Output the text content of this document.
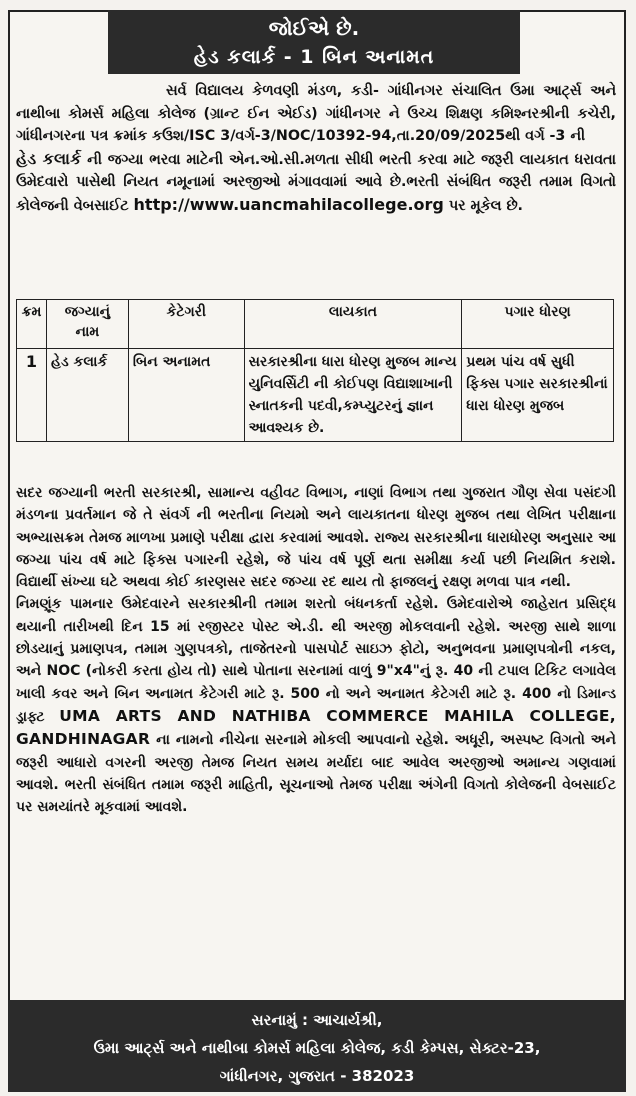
જોઈએ છે.
હેડ કલાર્ક - 1 બિન અનામત
સર્વ વિદ્યાલય કેળવણી મંડળ, કડી- ગાંધીનગર સંચાલિત ઉમા આર્ટ્સ અને નાથીબા કોમર્સ મહિલા કોલેજ (ગ્રાન્ટ ઈન એઈડ) ગાંધીનગર ને ઉચ્ચ શિક્ષણ કમિશ્નરશ્રીની કચેરી, ગાંધીનગરના પત્ર ક્રમાંક કઉશ/ISC 3/વર્ગ-3/NOC/10392-94,તા.20/09/2025થી વર્ગ -3 ની
હેડ કલાર્ક ની જગ્યા ભરવા માટેની એન.ઓ.સી.મળતા સીધી ભરતી કરવા માટે જરૂરી લાયકાત ધરાવતા ઉમેદવારો પાસેથી નિયત નમૂનામાં અરજીઓ મંગાવવામાં આવે છે.ભરતી સંબંધિત જરૂરી તમામ વિગતો કોલેજની વેબસાઈટ http://www.uancmahilacollege.org પર મૂકેલ છે.
ક્રમ	જગ્યાનું નામ	કેટેગરી	લાયકાત	પગાર ધોરણ
1	હેડ કલાર્ક	બિન અનામત	સરકારશ્રીના ધારા ધોરણ મુજબ માન્ય યુનિવર્સિટી ની કોઈપણ વિદ્યાશાખાની સ્નાતકની પદવી,કમ્પ્યુટરનું જ્ઞાન આવશ્યક છે.	પ્રથમ પાંચ વર્ષ સુધી ફિક્સ પગાર સરકારશ્રીનાં ધારા ધોરણ મુજબ

સદર જગ્યાની ભરતી સરકારશ્રી, સામાન્ય વહીવટ વિભાગ, નાણાં વિભાગ તથા ગુજરાત ગૌણ સેવા પસંદગી મંડળના પ્રવર્તમાન જે તે સંવર્ગ ની ભરતીના નિયમો અને લાયકાતના ધોરણ મુજબ તથા લેખિત પરીક્ષાના અભ્યાસક્રમ તેમજ માળખા પ્રમાણે પરીક્ષા દ્વારા કરવામાં આવશે. રાજ્ય સરકારશ્રીના ધારાધોરણ અનુસાર આ જગ્યા પાંચ વર્ષ માટે ફિક્સ પગારની રહેશે, જે પાંચ વર્ષ પૂર્ણ થતા સમીક્ષા કર્યા પછી નિયમિત કરાશે. વિદ્યાર્થી સંખ્યા ઘટે અથવા કોઈ કારણસર સદર જગ્યા રદ થાય તો ફાજલનું રક્ષણ મળવા પાત્ર નથી.

નિમણૂંક પામનાર ઉમેદવારને સરકારશ્રીની તમામ શરતો બંધનકર્તા રહેશે. ઉમેદવારોએ જાહેરાત પ્રસિદ્ધ થયાની તારીખથી દિન 15 માં રજીસ્ટર પોસ્ટ એ.ડી. થી અરજી મોકલવાની રહેશે. અરજી સાથે શાળા છોડયાનું પ્રમાણપત્ર, તમામ ગુણપત્રકો, તાજેતરનો પાસપોર્ટ સાઇઝ ફોટો, અનુભવના પ્રમાણપત્રોની નકલ, અને NOC (નોકરી કરતા હોય તો) સાથે પોતાના સરનામાં વાળું 9"x4"નું રૂ. 40 ની ટપાલ ટિકિટ લગાવેલ ખાલી કવર અને બિન અનામત કેટેગરી માટે રૂ. 500 નો અને અનામત કેટેગરી માટે રૂ. 400 નો ડિમાન્ડ ડ્રાફ્ટ UMA ARTS AND NATHIBA COMMERCE MAHILA COLLEGE, GANDHINAGAR ના નામનો નીચેના સરનામે મોકલી આપવાનો રહેશે. અધૂરી, અસ્પષ્ટ વિગતો અને જરૂરી આધારો વગરની અરજી તેમજ નિયત સમય મર્યાદા બાદ આવેલ અરજીઓ અમાન્ય ગણવામાં આવશે. ભરતી સંબંધિત તમામ જરૂરી માહિતી, સૂચનાઓ તેમજ પરીક્ષા અંગેની વિગતો કોલેજની વેબસાઈટ પર સમયાંતરે મૂકવામાં આવશે.

સરનામું : આચાર્યશ્રી,
ઉમા આર્ટ્સ અને નાથીબા કોમર્સ મહિલા કોલેજ, કડી કેમ્પસ, સેક્ટર-23,
ગાંધીનગર, ગુજરાત - 382023
